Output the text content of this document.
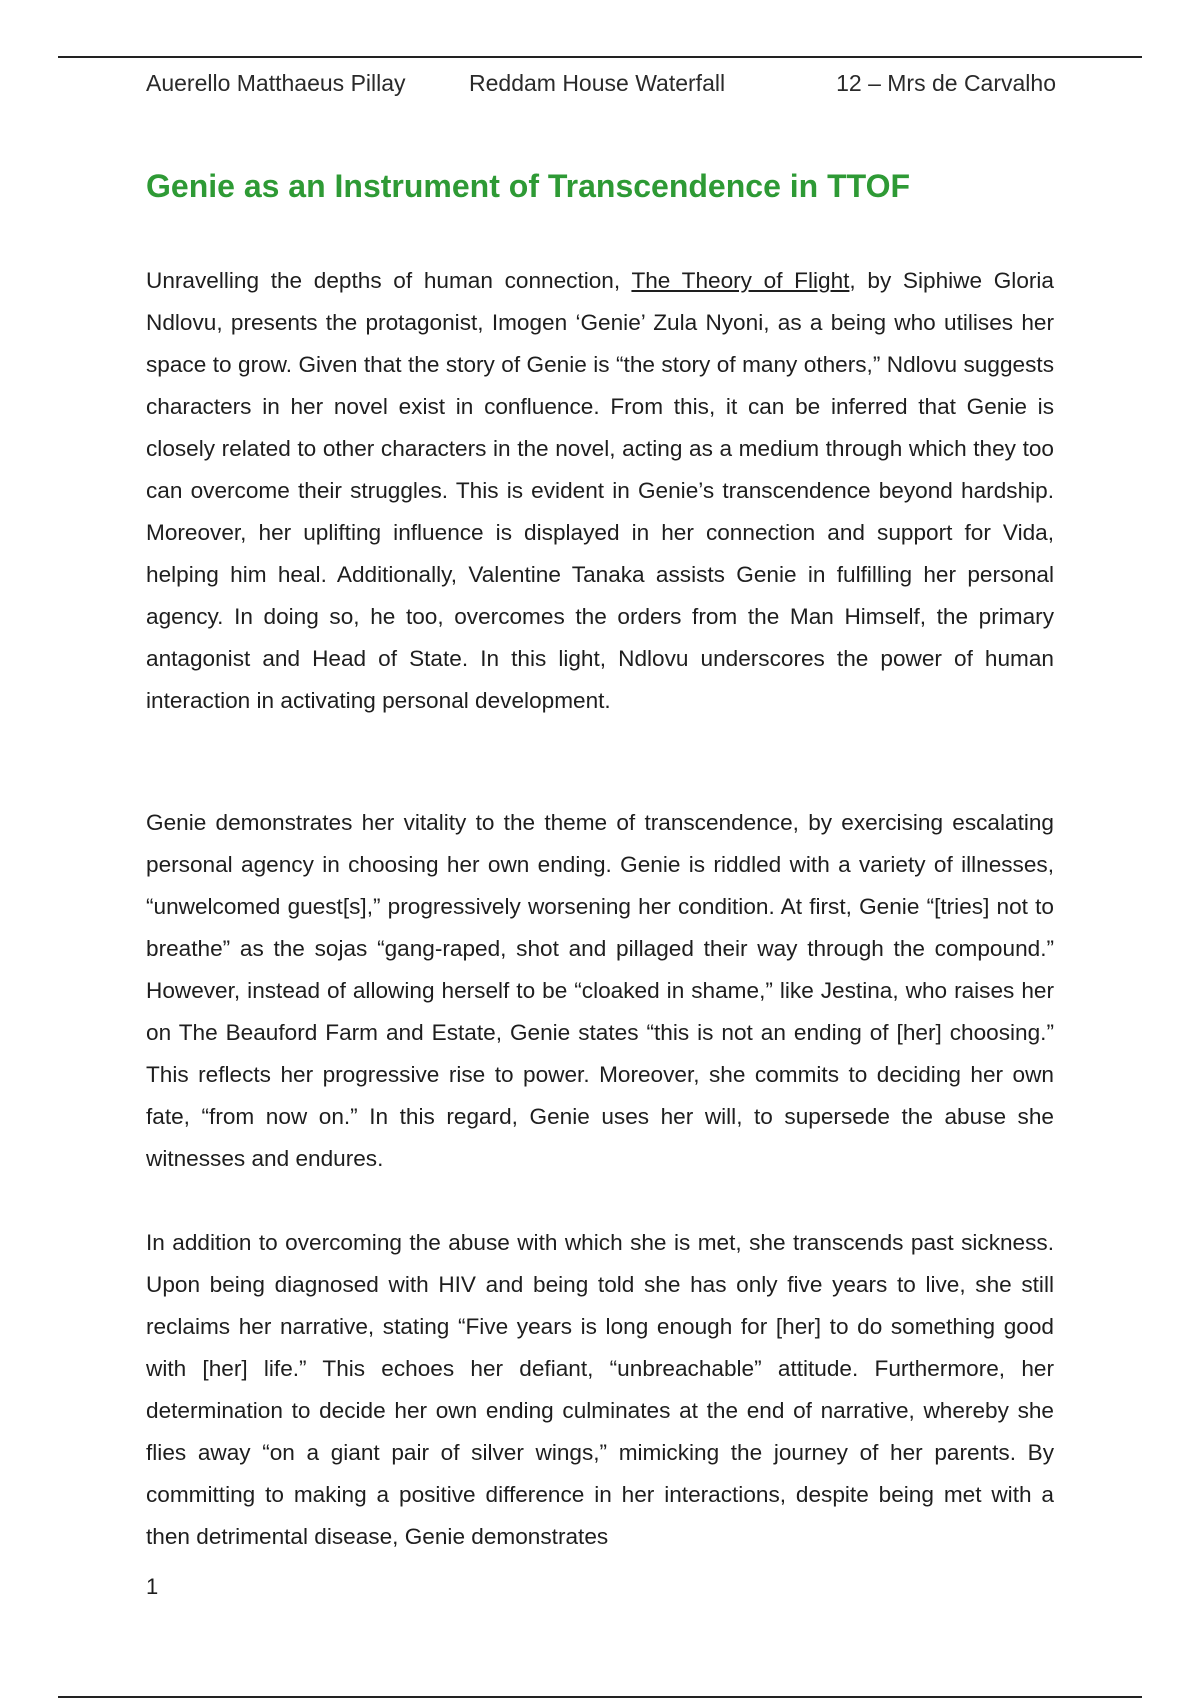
Auerello Matthaeus Pillay	Reddam House Waterfall	12 – Mrs de Carvalho
Genie as an Instrument of Transcendence in TTOF

Unravelling the depths of human connection, The Theory of Flight, by Siphiwe Gloria Ndlovu, presents the protagonist, Imogen ‘Genie’ Zula Nyoni, as a being who utilises her space to grow. Given that the story of Genie is “the story of many others,” Ndlovu suggests characters in her novel exist in confluence. From this, it can be inferred that Genie is closely related to other characters in the novel, acting as a medium through which they too can overcome their struggles. This is evident in Genie’s transcendence beyond hardship. Moreover, her uplifting influence is displayed in her connection and support for Vida, helping him heal. Additionally, Valentine Tanaka assists Genie in fulfilling her personal agency. In doing so, he too, overcomes the orders from the Man Himself, the primary antagonist and Head of State. In this light, Ndlovu underscores the power of human interaction in activating personal development.

Genie demonstrates her vitality to the theme of transcendence, by exercising escalating personal agency in choosing her own ending. Genie is riddled with a variety of illnesses, “unwelcomed guest[s],” progressively worsening her condition. At first, Genie “[tries] not to breathe” as the sojas “gang-raped, shot and pillaged their way through the compound.” However, instead of allowing herself to be “cloaked in shame,” like Jestina, who raises her on The Beauford Farm and Estate, Genie states “this is not an ending of [her] choosing.” This reflects her progressive rise to power. Moreover, she commits to deciding her own fate, “from now on.” In this regard, Genie uses her will, to supersede the abuse she witnesses and endures.

In addition to overcoming the abuse with which she is met, she transcends past sickness. Upon being diagnosed with HIV and being told she has only five years to live, she still reclaims her narrative, stating “Five years is long enough for [her] to do something good with [her] life.” This echoes her defiant, “unbreachable” attitude. Furthermore, her determination to decide her own ending culminates at the end of narrative, whereby she flies away “on a giant pair of silver wings,” mimicking the journey of her parents. By committing to making a positive difference in her interactions, despite being met with a then detrimental disease, Genie demonstrates

1
